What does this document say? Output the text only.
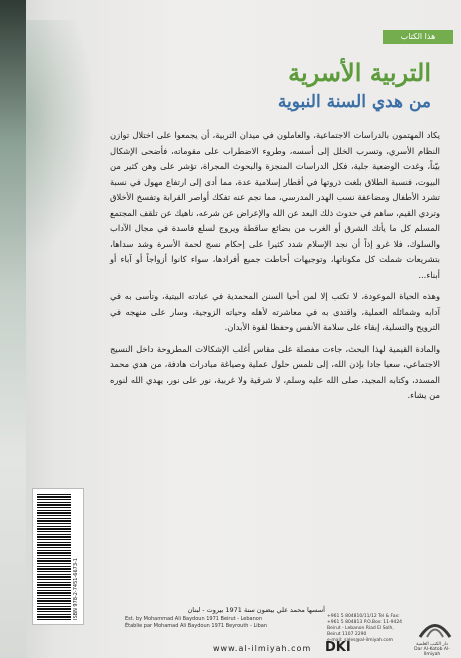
هذا الكتاب
التربية الأسرية
من هدي السنة النبوية

يكاد المهتمون بالدراسات الاجتماعية، والعاملون في ميدان التربية، أن يجمعوا على اختلال توازن النظام الأسري، وتسرب الخلل إلى أسسه، وطروء الاضطراب على مقوماته، فأضحى الإشكال بيّناً، وغدت الوضعية جلية، فكل الدراسات المنجزة والبحوث المجراة، تؤشر على وهن كثير من البيوت، فنسبة الطلاق بلغت ذروتها في أقطار إسلامية عدة، مما أدى إلى ارتفاع مهول في نسبة تشرد الأطفال ومضاعفة نسب الهدر المدرسي، مما نجم عنه تفكك أواصر القرابة وتفسخ الأخلاق وتردي القيم، ساهم في حدوث ذلك البعد عن الله والإعراض عن شرعه، ناهيك عن تلقف المجتمع المسلم كل ما يأتك الشرق أو الغرب من بضائع ساقطة ويروج لسلع فاسدة في مجال الآداب والسلوك، فلا غرو إذاً أن نجد الإسلام شدد كثيرا على إحكام نسج لحمة الأسرة وشد سداها، بتشريعات شملت كل مكوناتها، وتوجيهات أحاطت جميع أفرادها، سواء كانوا أزواجاً أو آباء أو أبناء...

وهذه الحياة الموعودة، لا تكتب إلا لمن أحيا السنن المحمدية في عبادته البيتية، وتأسى به في آدابه وشمائله العملية، واقتدى به في معاشرته لأهله وحياته الزوجية، وسار على منهجه في الترويح والتسلية، إبقاء على سلامة الأنفس وحفظا لقوة الأبدان.

والمادة القيمية لهذا البحث، جاءت مفصلة على مقاس أغلب الإشكالات المطروحة داخل النسيج الاجتماعي، سعيا جادا بإذن الله، إلى تلمس حلول عملية وصياغة مبادرات هادفة، من هدي محمد المسدد، وكتابه المجيد، صلى الله عليه وسلم، لا شرقية ولا غربية، نور على نور، يهدي الله لنوره من يشاء.

ISBN 978-2-7451-6673-1	أسسها محمد علي بيضون سنة 1971 بيروت - لبنان
Est. by Mohammad Ali Baydoun 1971 Beirut - Lebanon
Établie par Mohamad Ali Baydoun 1971 Beyrouth - Liban
+961 5 804810/11/12 Tel & Fax: +961 5 804813 P.O.Box: 11-9424 Beirut - Lebanon Riad El Solh, Beirut 1107 2290
e-mail: sales@al-ilmiyah.com
www.al-ilmiyah.com DKI	دار الكتب العلمية
Dar Al-Kotob Al-Ilmiyah
